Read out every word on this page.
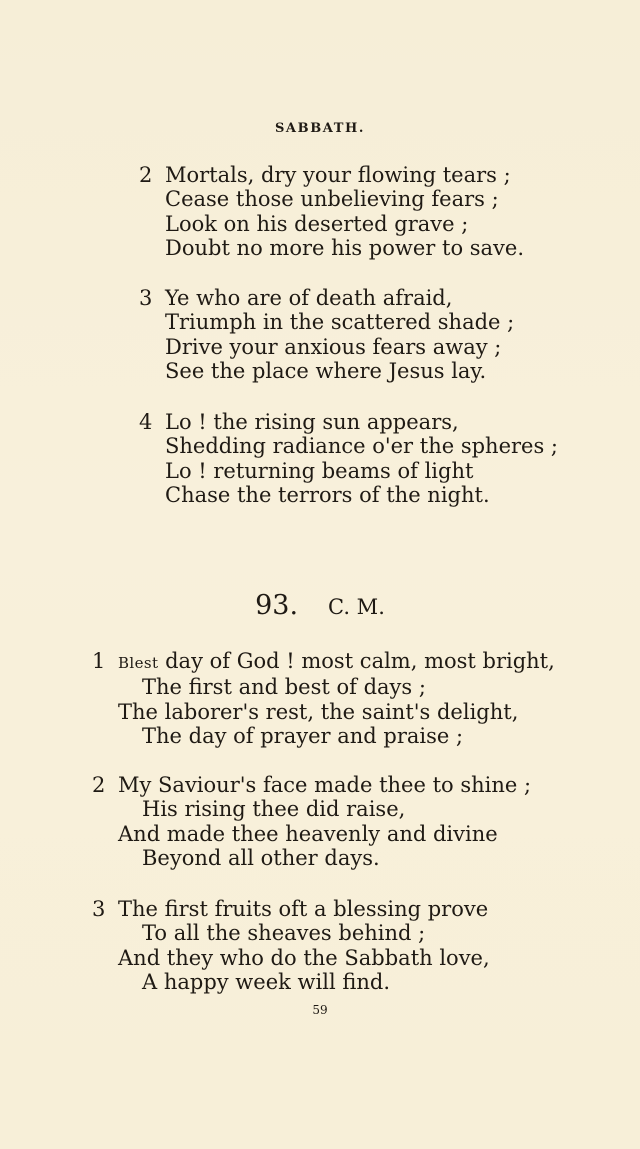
SABBATH.
2 Mortals, dry your flowing tears ;
Cease those unbelieving fears ;
Look on his deserted grave ;
Doubt no more his power to save.
3 Ye who are of death afraid,
Triumph in the scattered shade ;
Drive your anxious fears away ;
See the place where Jesus lay.
4 Lo ! the rising sun appears,
Shedding radiance o'er the spheres ;
Lo ! returning beams of light
Chase the terrors of the night.
93. C. M.
1 Blest day of God ! most calm, most bright,
The first and best of days ;
The laborer's rest, the saint's delight,
The day of prayer and praise ;
2 My Saviour's face made thee to shine ;
His rising thee did raise,
And made thee heavenly and divine
Beyond all other days.
3 The first fruits oft a blessing prove
To all the sheaves behind ;
And they who do the Sabbath love,
A happy week will find.
59
